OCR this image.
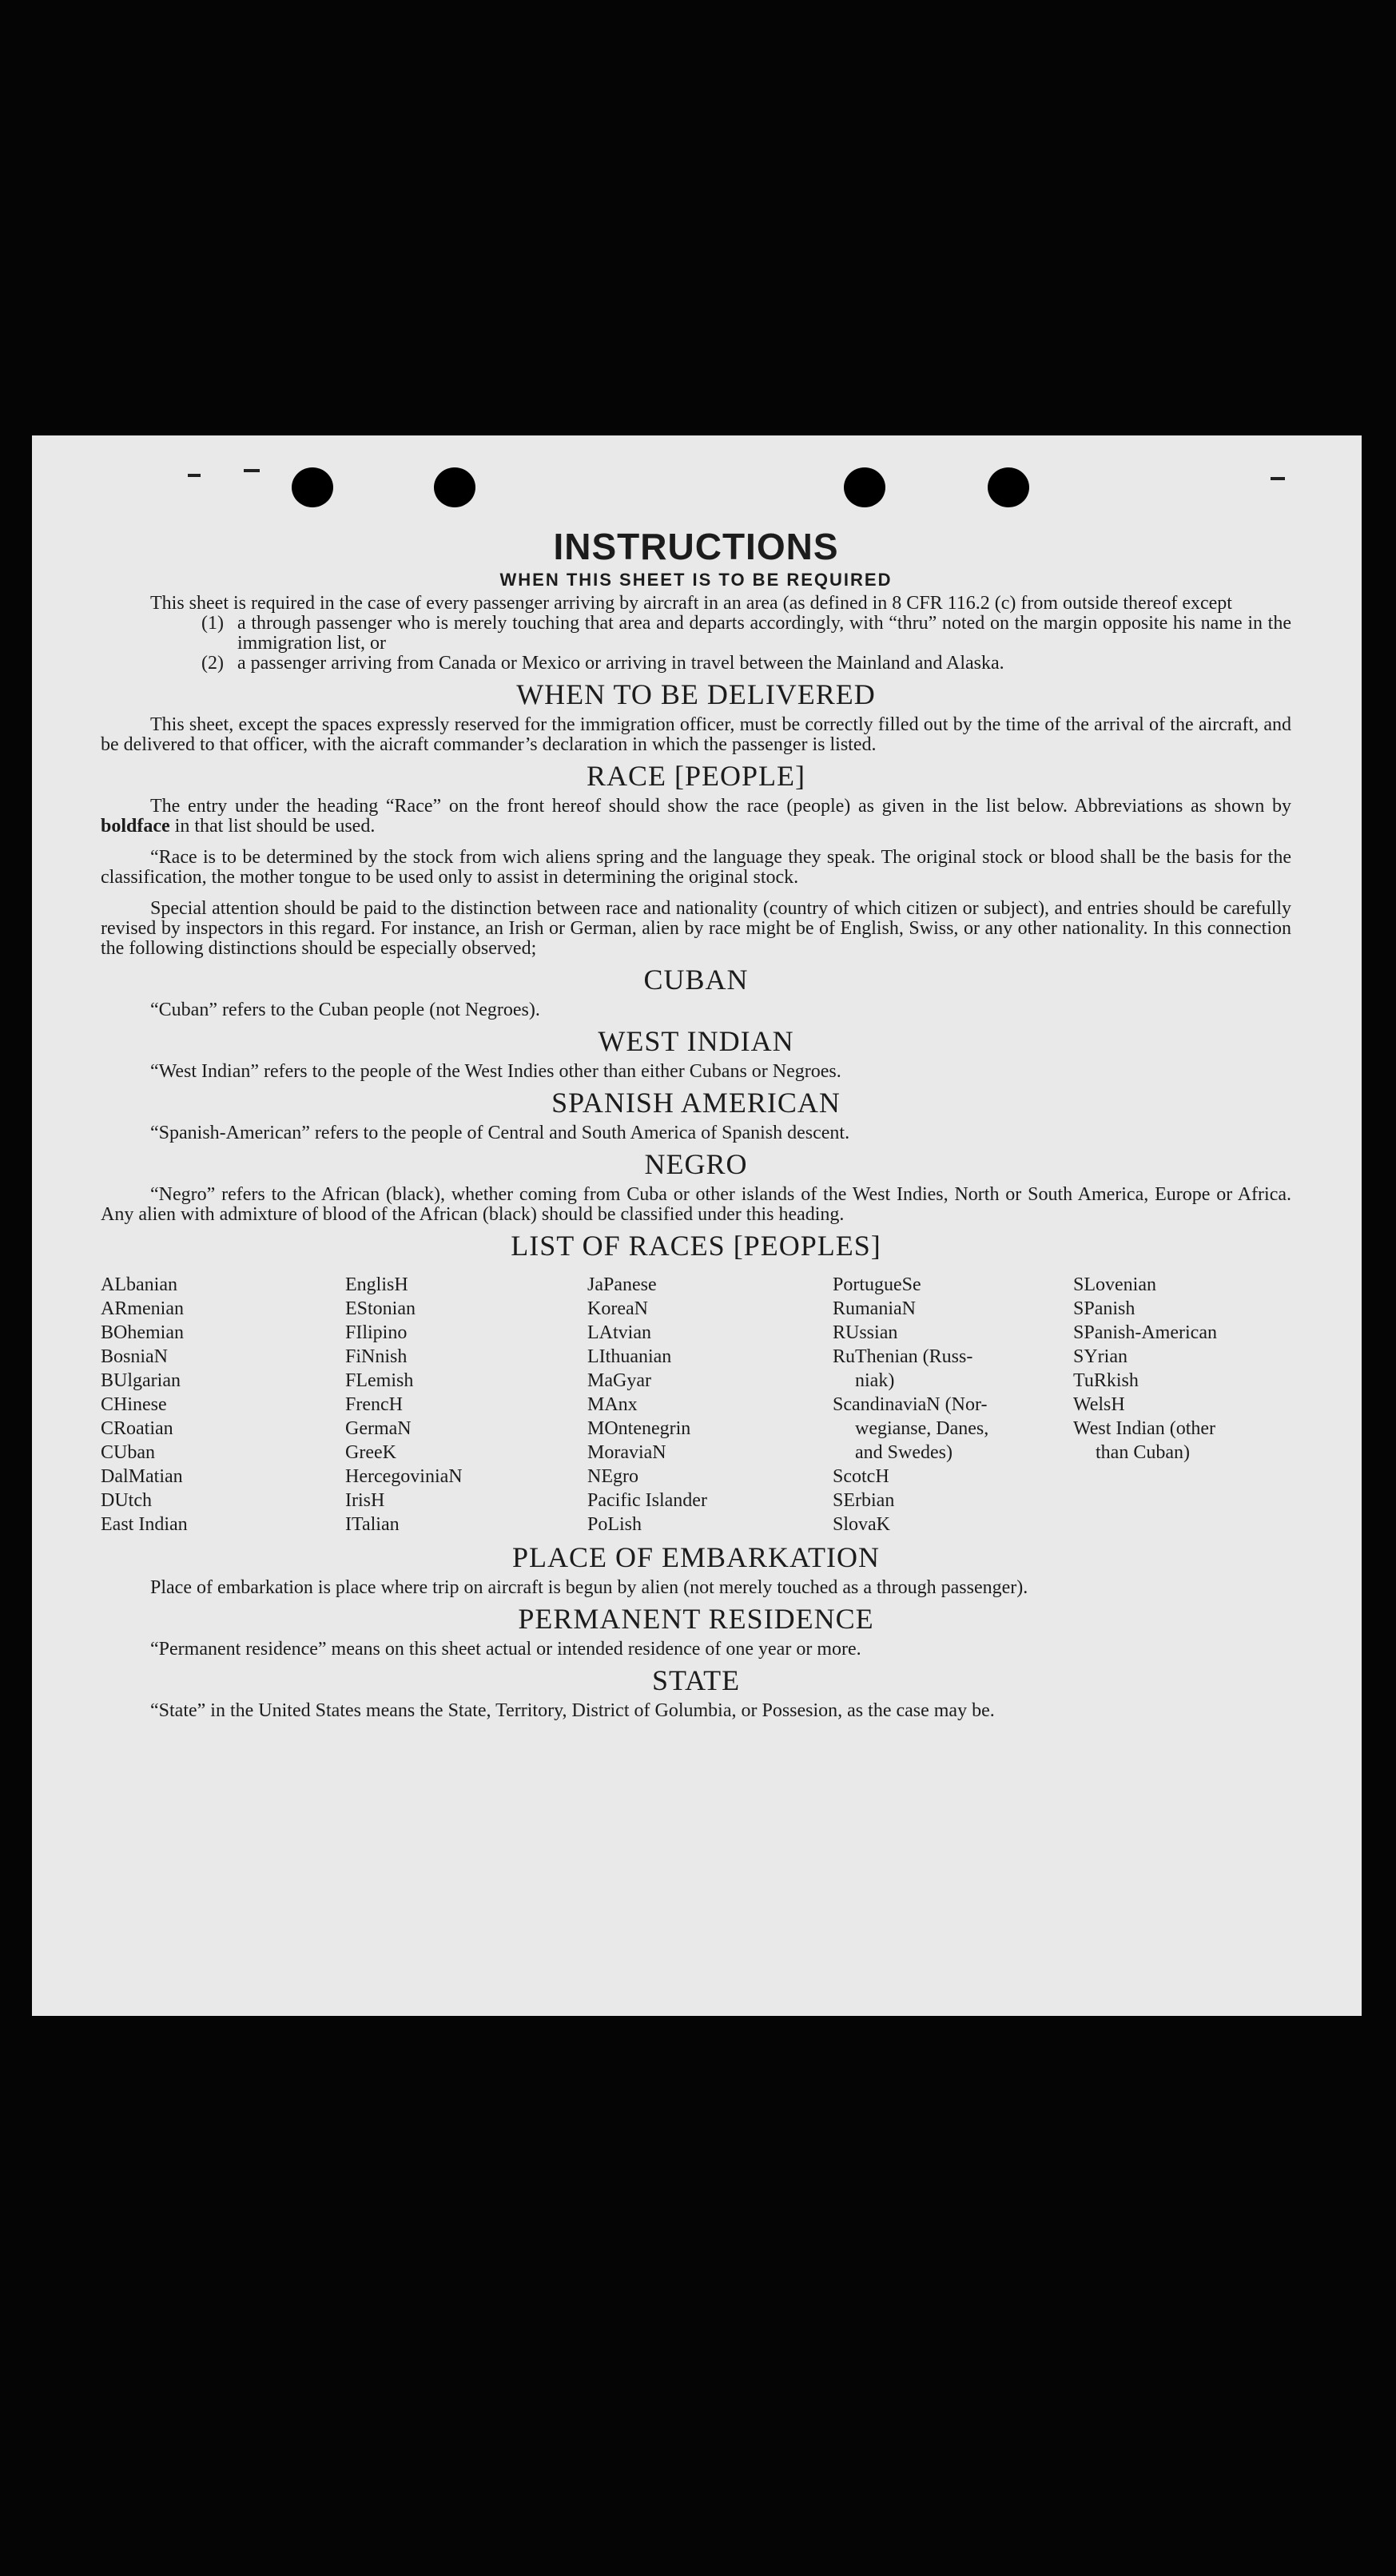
INSTRUCTIONS
WHEN THIS SHEET IS TO BE REQUIRED

This sheet is required in the case of every passenger arriving by aircraft in an area (as defined in 8 CFR 116.2 (c) from outside thereof except

(1) a through passenger who is merely touching that area and departs accordingly, with “thru” noted on the margin opposite his name in the immigration list, or
(2) a passenger arriving from Canada or Mexico or arriving in travel between the Mainland and Alaska.
WHEN TO BE DELIVERED

This sheet, except the spaces expressly reserved for the immigration officer, must be correctly filled out by the time of the arrival of the aircraft, and be delivered to that officer, with the aicraft commander’s declaration in which the passenger is listed.

RACE [PEOPLE]

The entry under the heading “Race” on the front hereof should show the race (people) as given in the list below. Abbreviations as shown by boldface in that list should be used.

“Race is to be determined by the stock from wich aliens spring and the language they speak. The original stock or blood shall be the basis for the classification, the mother tongue to be used only to assist in determining the original stock.

Special attention should be paid to the distinction between race and nationality (country of which citizen or subject), and entries should be carefully revised by inspectors in this regard. For instance, an Irish or German, alien by race might be of English, Swiss, or any other nationality. In this connection the following distinctions should be especially observed;

CUBAN

“Cuban” refers to the Cuban people (not Negroes).

WEST INDIAN

“West Indian” refers to the people of the West Indies other than either Cubans or Negroes.

SPANISH AMERICAN

“Spanish-American” refers to the people of Central and South America of Spanish descent.

NEGRO

“Negro” refers to the African (black), whether coming from Cuba or other islands of the West Indies, North or South America, Europe or Africa. Any alien with admixture of blood of the African (black) should be classified under this heading.

LIST OF RACES [PEOPLES]
ALbanian
ARmenian
BOhemian
BosniaN
BUlgarian
CHinese
CRoatian
CUban
DalMatian
DUtch
East Indian
EnglisH
EStonian
FIlipino
FiNnish
FLemish
FrencH
GermaN
GreeK
HercegoviniaN
IrisH
ITalian
JaPanese
KoreaN
LAtvian
LIthuanian
MaGyar
MAnx
MOntenegrin
MoraviaN
NEgro
Pacific Islander
PoLish
PortugueSe
RumaniaN
RUssian
RuThenian (Russ-
niak)
ScandinaviaN (Nor-
wegianse, Danes,
and Swedes)
ScotcH
SErbian
SlovaK
SLovenian
SPanish
SPanish-American
SYrian
TuRkish
WelsH
West Indian (other
than Cuban)
PLACE OF EMBARKATION

Place of embarkation is place where trip on aircraft is begun by alien (not merely touched as a through passenger).

PERMANENT RESIDENCE

“Permanent residence” means on this sheet actual or intended residence of one year or more.

STATE

“State” in the United States means the State, Territory, District of Golumbia, or Possesion, as the case may be.
